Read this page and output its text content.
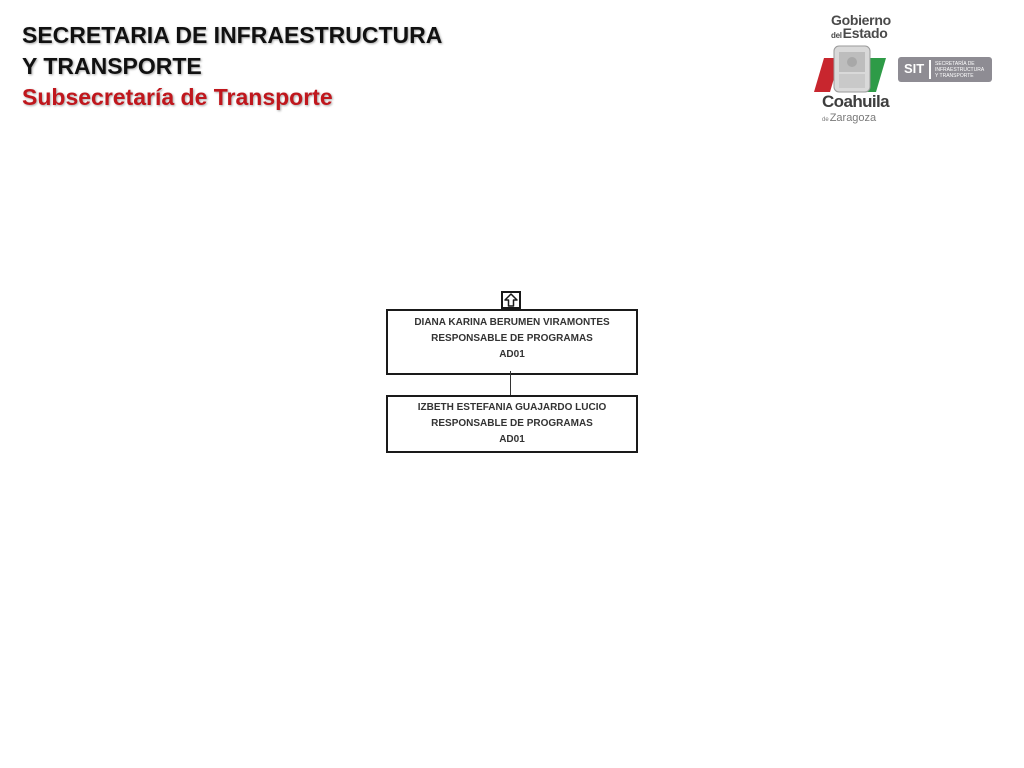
SECRETARIA DE INFRAESTRUCTURA
Y TRANSPORTE
Subsecretaría de Transporte
Gobierno
delEstado
Coahuila
deZaragoza
SIT SECRETARÍA DE
INFRAESTRUCTURA
Y TRANSPORTE
DIANA KARINA BERUMEN VIRAMONTES
RESPONSABLE DE PROGRAMAS
AD01
IZBETH ESTEFANIA GUAJARDO LUCIO
RESPONSABLE DE PROGRAMAS
AD01
